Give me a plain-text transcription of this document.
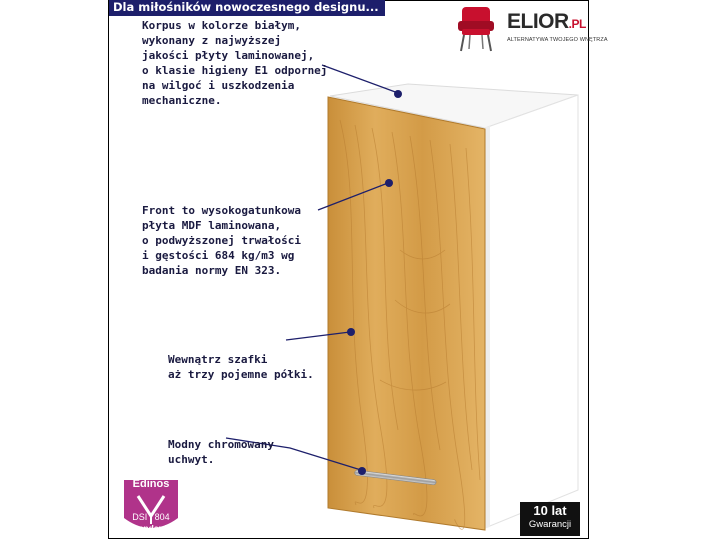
Dla miłośników nowoczesnego designu...
ELIOR.PL
ALTERNATYWA TWOJEGO WNĘTRZA
Korpus w kolorze białym,
wykonany z najwyższej
jakości płyty laminowanej,
o klasie higieny E1 odpornej
na wilgoć i uszkodzenia
mechaniczne.
Front to wysokogatunkowa
płyta MDF laminowana,
o podwyższonej trwałości
i gęstości 684 kg/m3 wg
badania normy EN 323.
Wewnątrz szafki
aż trzy pojemne półki.
Modny chromowany
uchwyt.
Edinos
DSI | 804
Standards
10 lat
Gwarancji
